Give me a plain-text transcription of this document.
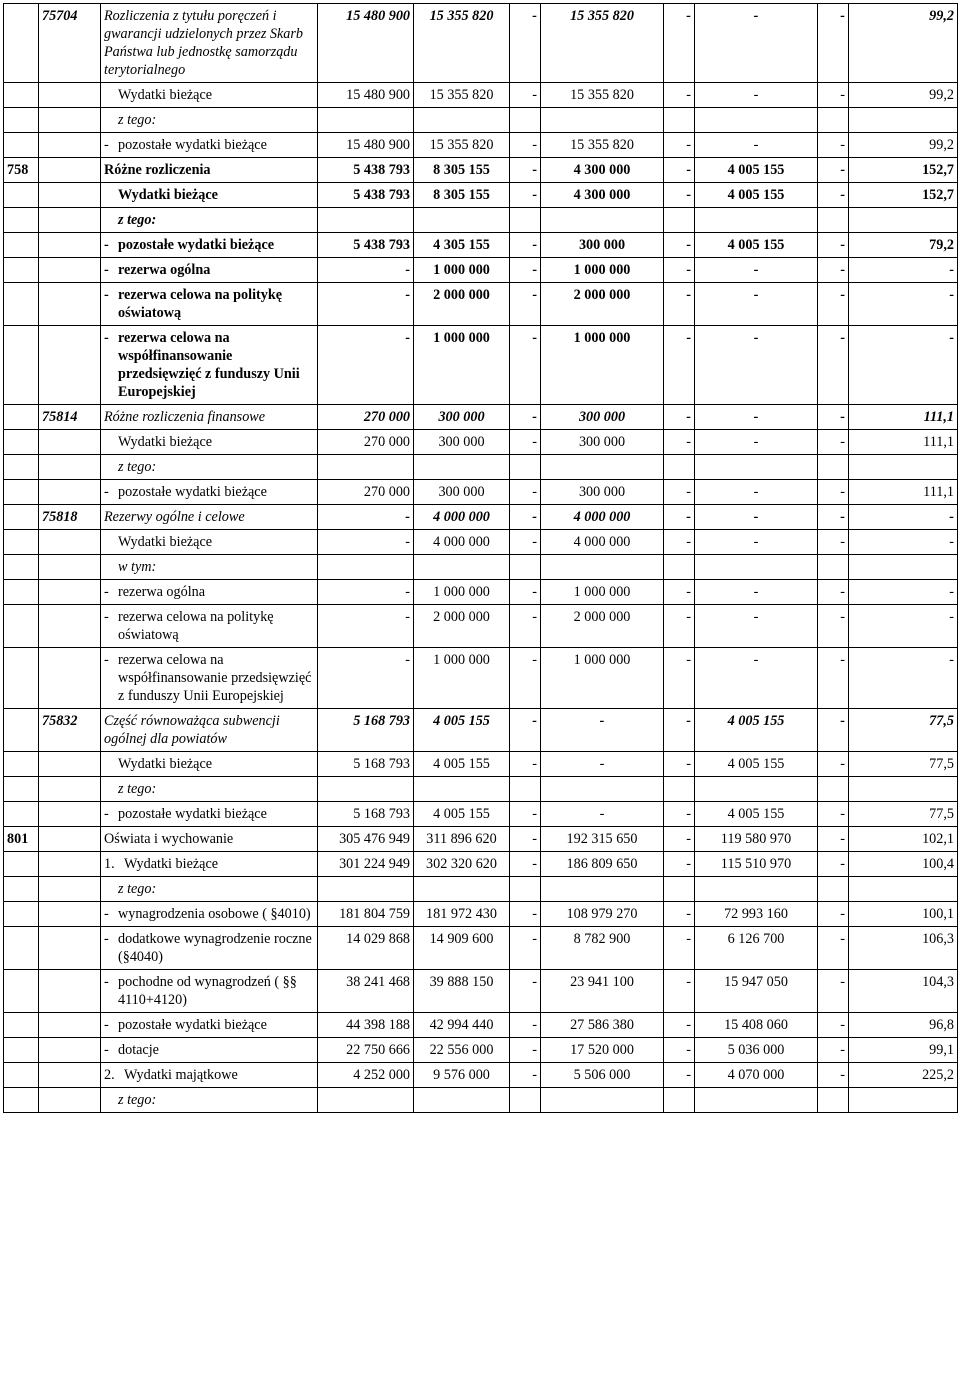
	75704	Rozliczenia z tytułu poręczeń i gwarancji udzielonych przez Skarb Państwa lub jednostkę samorządu terytorialnego	15 480 900	15 355 820	-	15 355 820	-	-	-	99,2

		Wydatki bieżące	15 480 900	15 355 820	-	15 355 820	-	-	-	99,2

		z tego:								

		- pozostałe wydatki bieżące	15 480 900	15 355 820	-	15 355 820	-	-	-	99,2
758		Różne rozliczenia	5 438 793	8 305 155	-	4 300 000	-	4 005 155	-	152,7

		Wydatki bieżące	5 438 793	8 305 155	-	4 300 000	-	4 005 155	-	152,7

		z tego:								

		- pozostałe wydatki bieżące	5 438 793	4 305 155	-	300 000	-	4 005 155	-	79,2

		- rezerwa ogólna	-	1 000 000	-	1 000 000	-	-	-	-

		- rezerwa celowa na politykę oświatową	-	2 000 000	-	2 000 000	-	-	-	-

		- rezerwa celowa na współfinansowanie przedsięwzięć z funduszy Unii Europejskiej	-	1 000 000	-	1 000 000	-	-	-	-
	75814	Różne rozliczenia finansowe	270 000	300 000	-	300 000	-	-	-	111,1

		Wydatki bieżące	270 000	300 000	-	300 000	-	-	-	111,1

		z tego:								

		- pozostałe wydatki bieżące	270 000	300 000	-	300 000	-	-	-	111,1
	75818	Rezerwy ogólne i celowe	-	4 000 000	-	4 000 000	-	-	-	-

		Wydatki bieżące	-	4 000 000	-	4 000 000	-	-	-	-

		w tym:								

		- rezerwa ogólna	-	1 000 000	-	1 000 000	-	-	-	-

		- rezerwa celowa na politykę oświatową	-	2 000 000	-	2 000 000	-	-	-	-

		- rezerwa celowa na współfinansowanie przedsięwzięć z funduszy Unii Europejskiej	-	1 000 000	-	1 000 000	-	-	-	-
	75832	Część równoważąca subwencji ogólnej dla powiatów	5 168 793	4 005 155	-	-	-	4 005 155	-	77,5

		Wydatki bieżące	5 168 793	4 005 155	-	-	-	4 005 155	-	77,5

		z tego:								

		- pozostałe wydatki bieżące	5 168 793	4 005 155	-	-	-	4 005 155	-	77,5
801		Oświata i wychowanie	305 476 949	311 896 620	-	192 315 650	-	119 580 970	-	102,1

		1. Wydatki bieżące	301 224 949	302 320 620	-	186 809 650	-	115 510 970	-	100,4

		z tego:								

		- wynagrodzenia osobowe ( §4010)	181 804 759	181 972 430	-	108 979 270	-	72 993 160	-	100,1

		- dodatkowe wynagrodzenie roczne (§4040)	14 029 868	14 909 600	-	8 782 900	-	6 126 700	-	106,3

		- pochodne od wynagrodzeń ( §§ 4110+4120)	38 241 468	39 888 150	-	23 941 100	-	15 947 050	-	104,3

		- pozostałe wydatki bieżące	44 398 188	42 994 440	-	27 586 380	-	15 408 060	-	96,8

		- dotacje	22 750 666	22 556 000	-	17 520 000	-	5 036 000	-	99,1

		2. Wydatki majątkowe	4 252 000	9 576 000	-	5 506 000	-	4 070 000	-	225,2

		z tego:								
